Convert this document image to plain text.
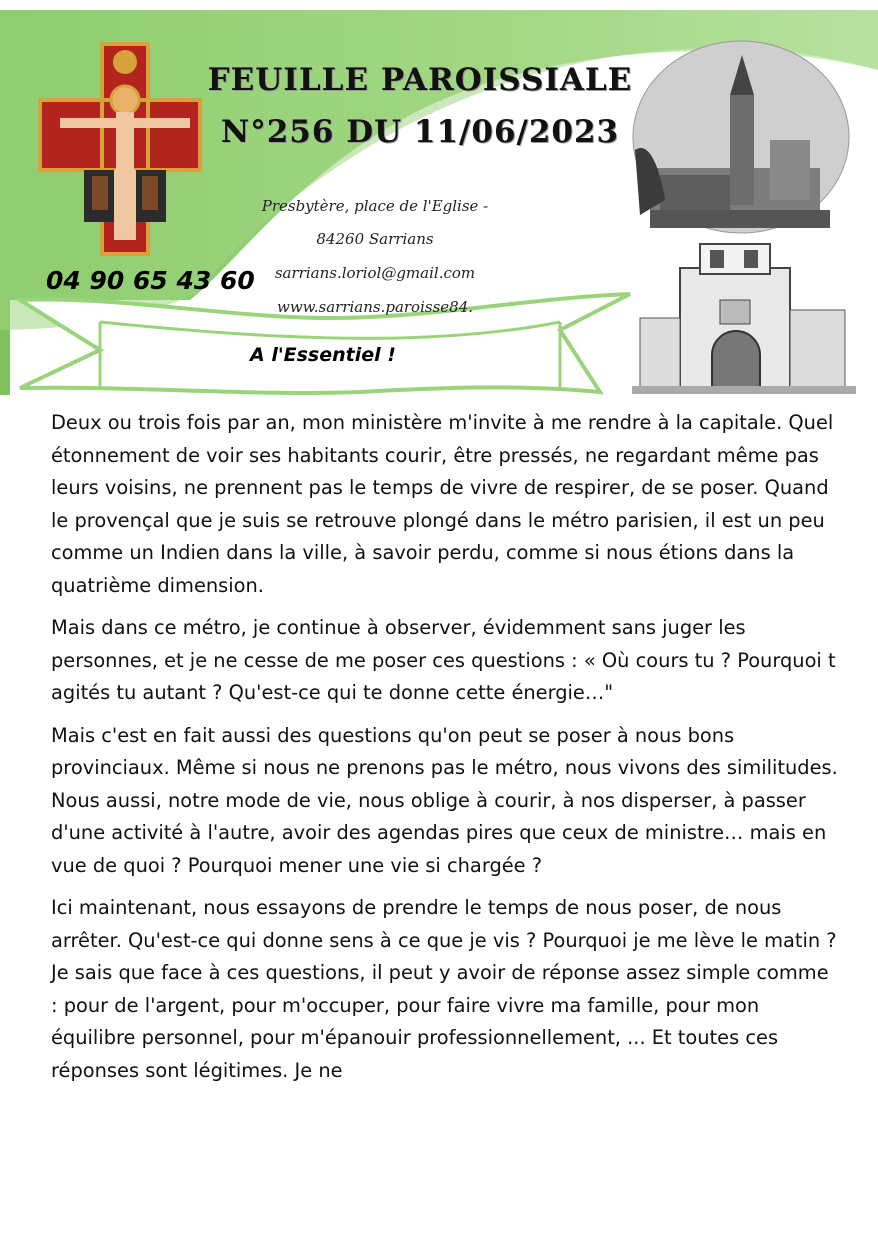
FEUILLE PAROISSIALE
N°256 DU 11/06/2023
Presbytère, place de l'Eglise -
84260 Sarrians
sarrians.loriol@gmail.com
www.sarrians.paroisse84.
04 90 65 43 60
A l'Essentiel !

Deux ou trois fois par an, mon ministère m'invite à me rendre à la capitale. Quel étonnement de voir ses habitants courir, être pressés, ne regardant même pas leurs voisins, ne prennent pas le temps de vivre de respirer, de se poser. Quand le provençal que je suis se retrouve plongé dans le métro parisien, il est un peu comme un Indien dans la ville, à savoir perdu, comme si nous étions dans la quatrième dimension.

Mais dans ce métro, je continue à observer, évidemment sans juger les personnes, et je ne cesse de me poser ces questions : « Où cours tu ? Pourquoi t agités tu autant ? Qu'est-ce qui te donne cette énergie…"

Mais c'est en fait aussi des questions qu'on peut se poser à nous bons provinciaux. Même si nous ne prenons pas le métro, nous vivons des similitudes. Nous aussi, notre mode de vie, nous oblige à courir, à nos disperser, à passer d'une activité à l'autre, avoir des agendas pires que ceux de ministre… mais en vue de quoi ? Pourquoi mener une vie si chargée ?

Ici maintenant, nous essayons de prendre le temps de nous poser, de nous arrêter. Qu'est-ce qui donne sens à ce que je vis ? Pourquoi je me lève le matin ? Je sais que face à ces questions, il peut y avoir de réponse assez simple comme : pour de l'argent, pour m'occuper, pour faire vivre ma famille, pour mon équilibre personnel, pour m'épanouir professionnellement, ... Et toutes ces réponses sont légitimes. Je ne
